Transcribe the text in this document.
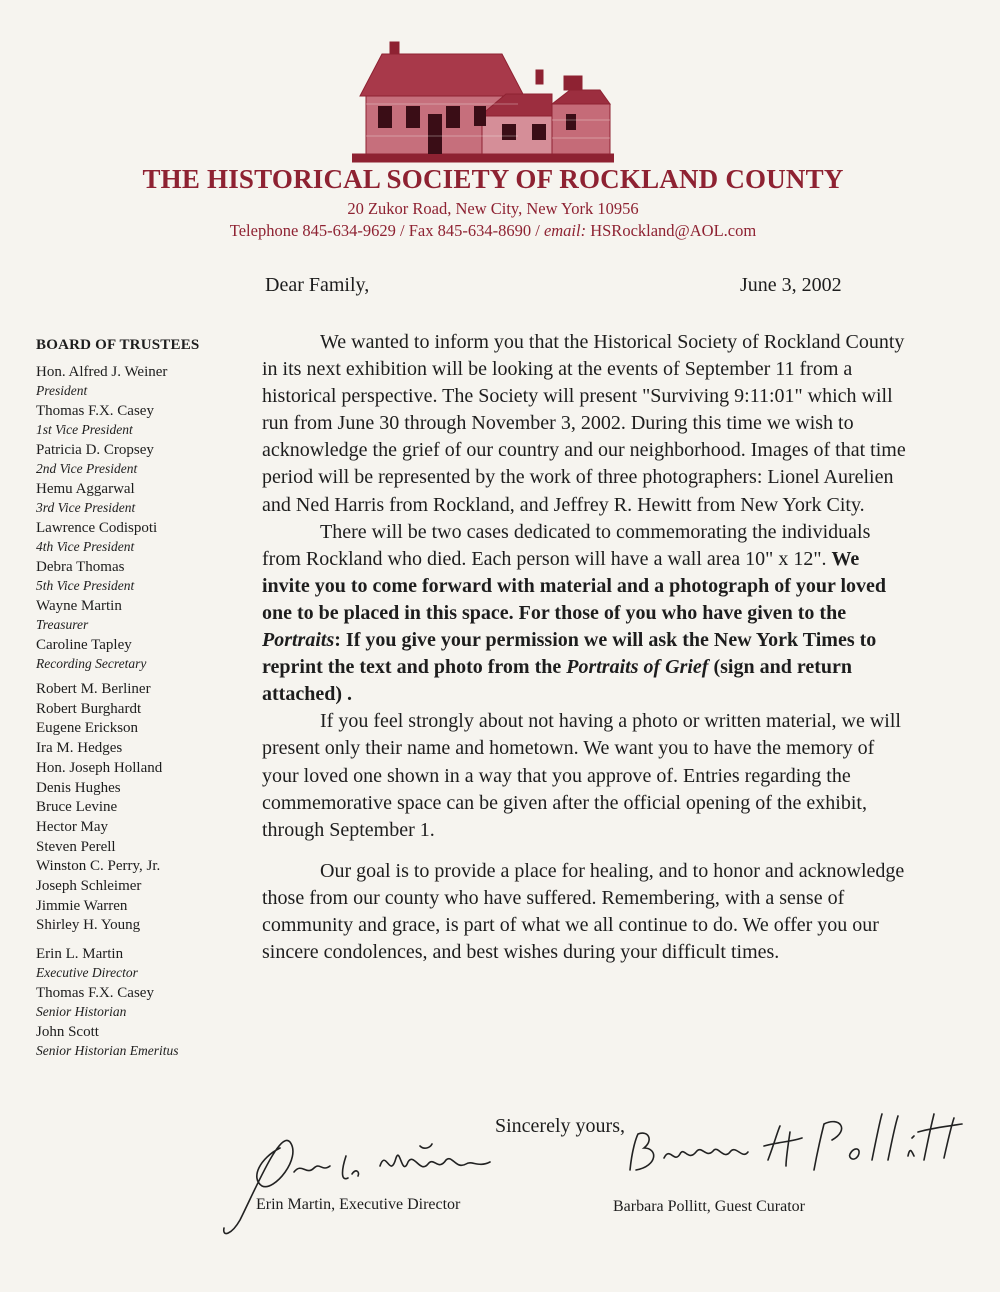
THE HISTORICAL SOCIETY OF ROCKLAND COUNTY
20 Zukor Road, New City, New York 10956
Telephone 845-634-9629 / Fax 845-634-8690 / email: HSRockland@AOL.com
Dear Family,	June 3, 2002
BOARD OF TRUSTEES
Hon. Alfred J. Weiner
President
Thomas F.X. Casey
1st Vice President
Patricia D. Cropsey
2nd Vice President
Hemu Aggarwal
3rd Vice President
Lawrence Codispoti
4th Vice President
Debra Thomas
5th Vice President
Wayne Martin
Treasurer
Caroline Tapley
Recording Secretary
Robert M. Berliner
Robert Burghardt
Eugene Erickson
Ira M. Hedges
Hon. Joseph Holland
Denis Hughes
Bruce Levine
Hector May
Steven Perell
Winston C. Perry, Jr.
Joseph Schleimer
Jimmie Warren
Shirley H. Young
Erin L. Martin
Executive Director
Thomas F.X. Casey
Senior Historian
John Scott
Senior Historian Emeritus

We wanted to inform you that the Historical Society of Rockland County in its next exhibition will be looking at the events of September 11 from a historical perspective. The Society will present "Surviving 9:11:01" which will run from June 30 through November 3, 2002. During this time we wish to acknowledge the grief of our country and our neighborhood. Images of that time period will be represented by the work of three photographers: Lionel Aurelien and Ned Harris from Rockland, and Jeffrey R. Hewitt from New York City.

There will be two cases dedicated to commemorating the individuals from Rockland who died. Each person will have a wall area 10" x 12". We invite you to come forward with material and a photograph of your loved one to be placed in this space. For those of you who have given to the Portraits: If you give your permission we will ask the New York Times to reprint the text and photo from the Portraits of Grief (sign and return attached) .

If you feel strongly about not having a photo or written material, we will present only their name and hometown. We want you to have the memory of your loved one shown in a way that you approve of. Entries regarding the commemorative space can be given after the official opening of the exhibit, through September 1.

Our goal is to provide a place for healing, and to honor and acknowledge those from our county who have suffered. Remembering, with a sense of community and grace, is part of what we all continue to do. We offer you our sincere condolences, and best wishes during your difficult times.

Sincerely yours,
Erin Martin, Executive Director	Barbara Pollitt, Guest Curator
